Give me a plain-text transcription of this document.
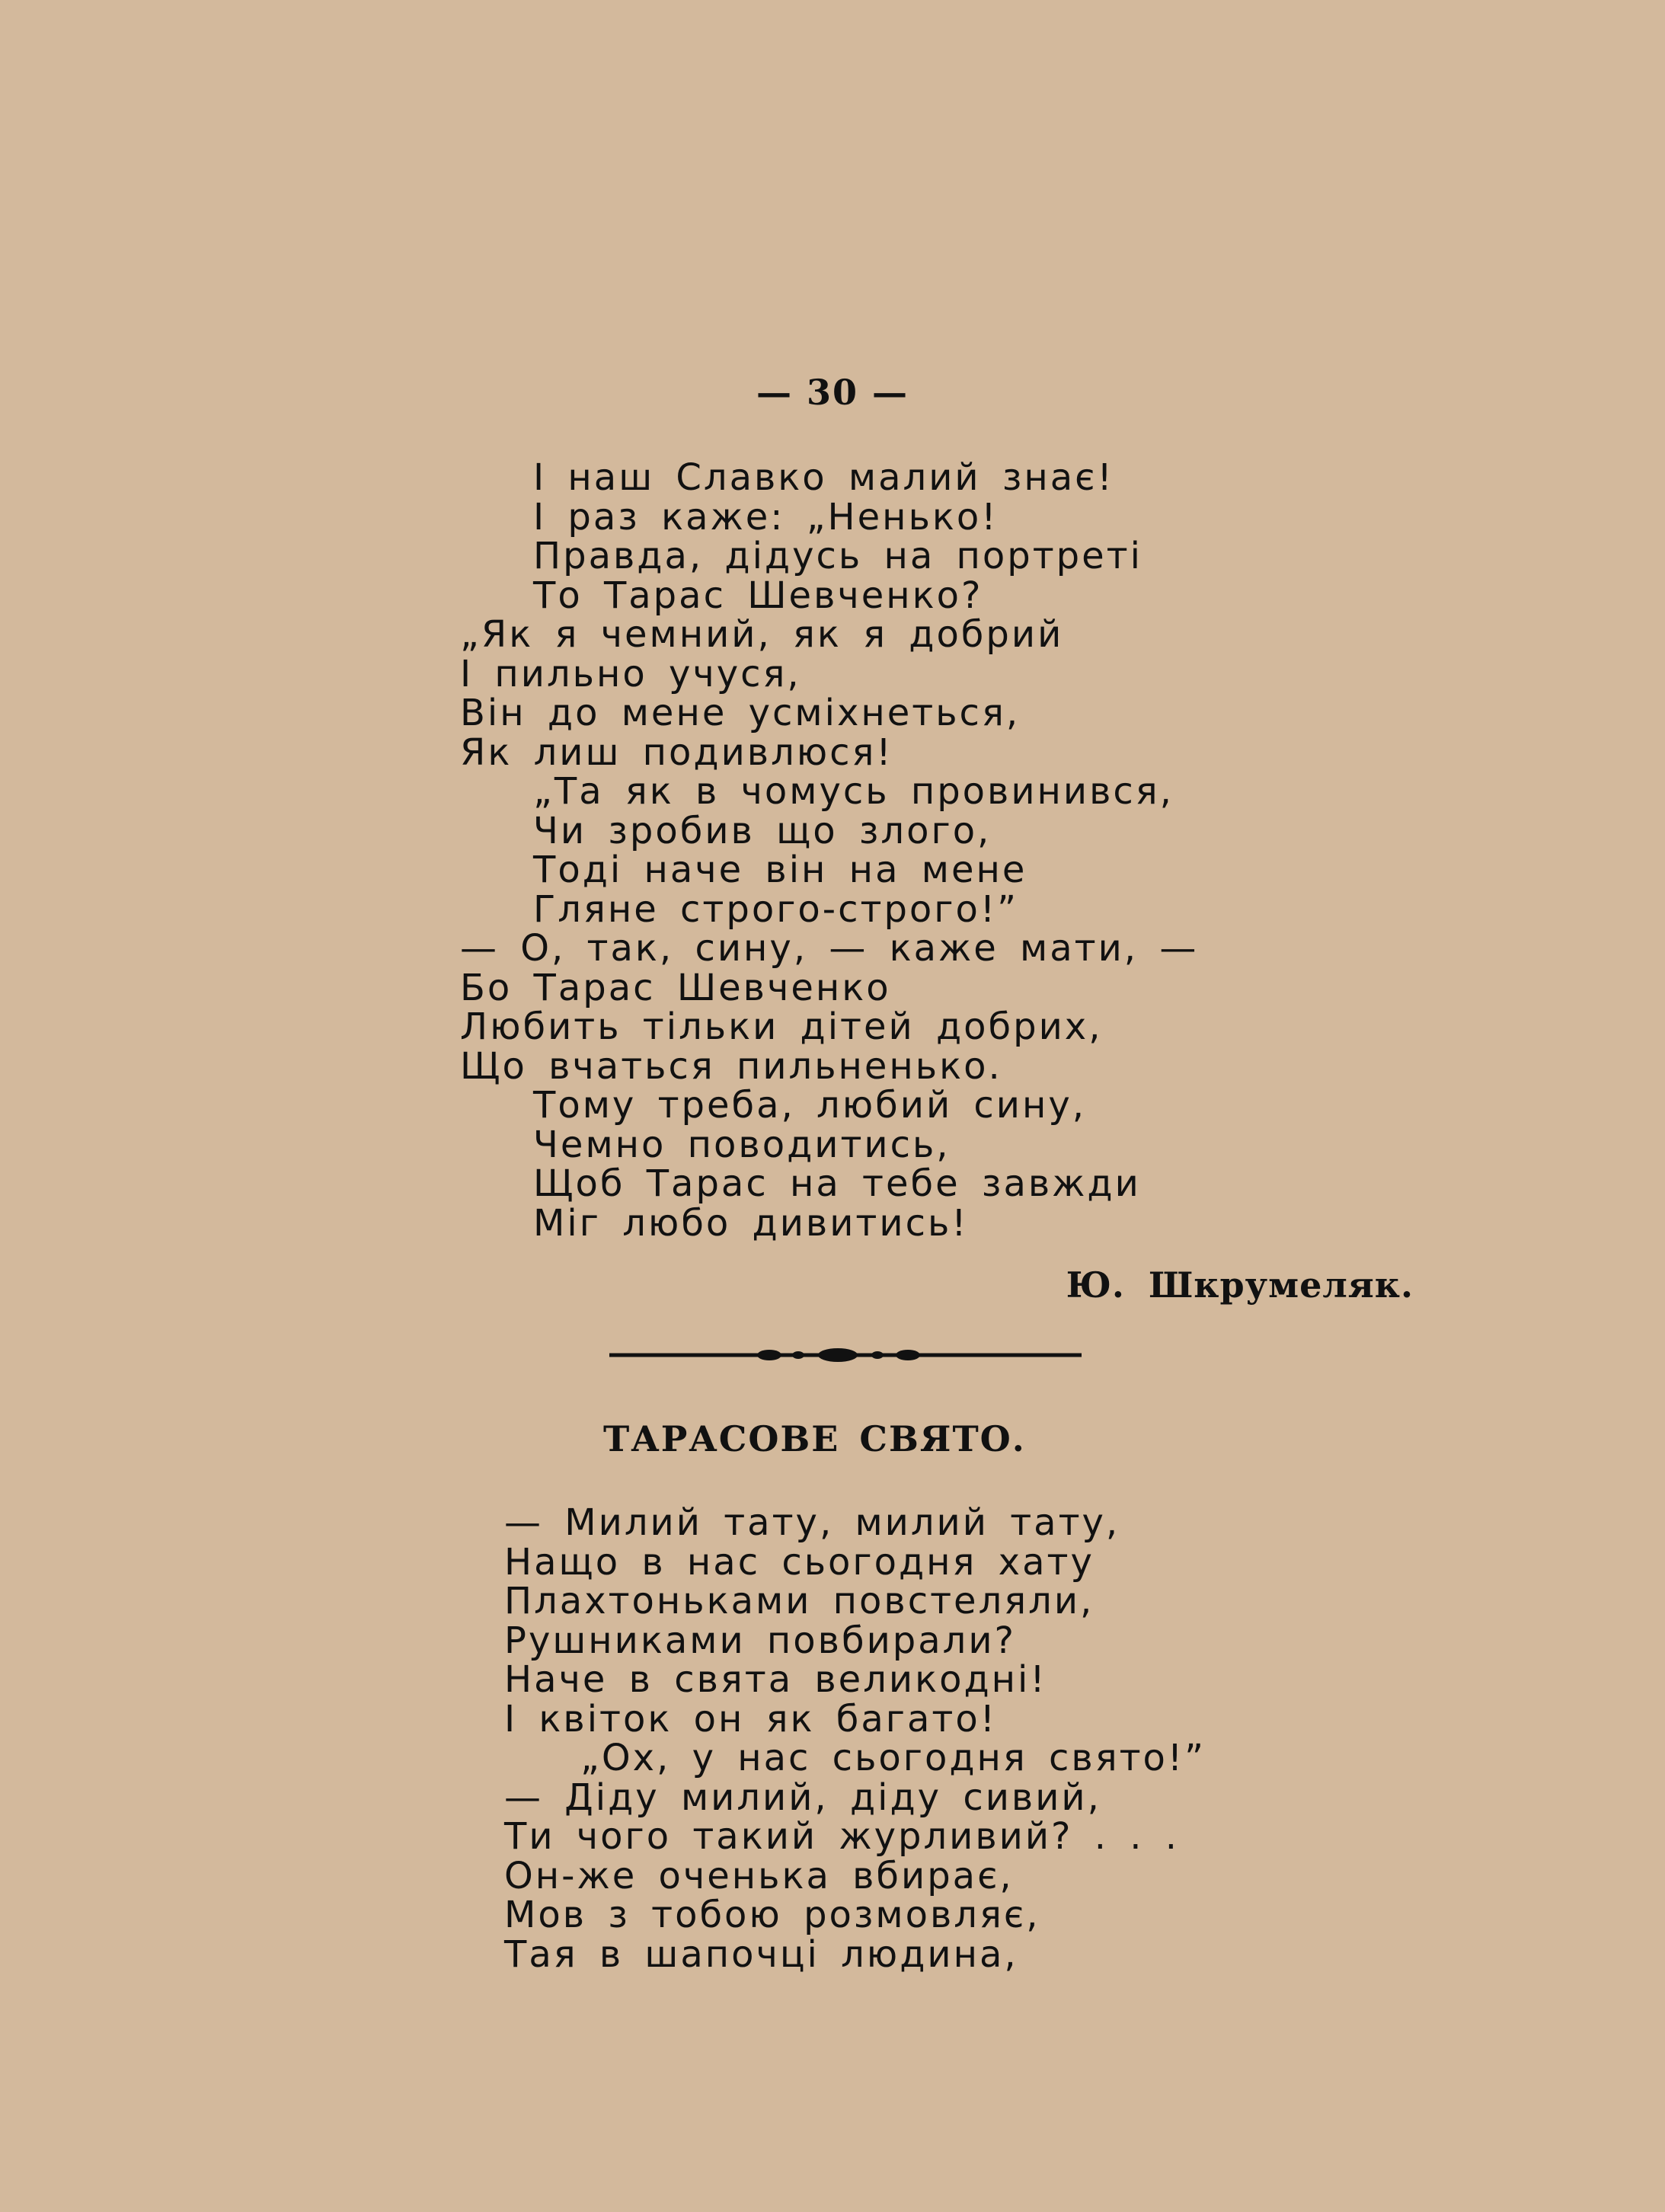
— 30 —
І наш Славко малий знає!
І раз каже: „Ненько!
Правда, дідусь на портреті
То Тарас Шевченко?
„Як я чемний, як я добрий
І пильно учуся,
Він до мене усміхнеться,
Як лиш подивлюся!
„Та як в чомусь провинився,
Чи зробив що злого,
Тоді наче він на мене
Гляне строго-строго!”
— О, так, сину, — каже мати, —
Бо Тарас Шевченко
Любить тільки дітей добрих,
Що вчаться пильненько.
Тому треба, любий сину,
Чемно поводитись,
Щоб Тарас на тебе завжди
Міг любо дивитись!
Ю. Шкрумеляк.
ТАРАСОВЕ СВЯТО.
— Милий тату, милий тату,
Нащо в нас сьогодня хату
Плахтоньками повстеляли,
Рушниками повбирали?
Наче в свята великодні!
І квіток он як багато!
„Ох, у нас сьогодня свято!”
— Діду милий, діду сивий,
Ти чого такий журливий? . . .
Он-же оченька вбирає,
Мов з тобою розмовляє,
Тая в шапочці людина,
